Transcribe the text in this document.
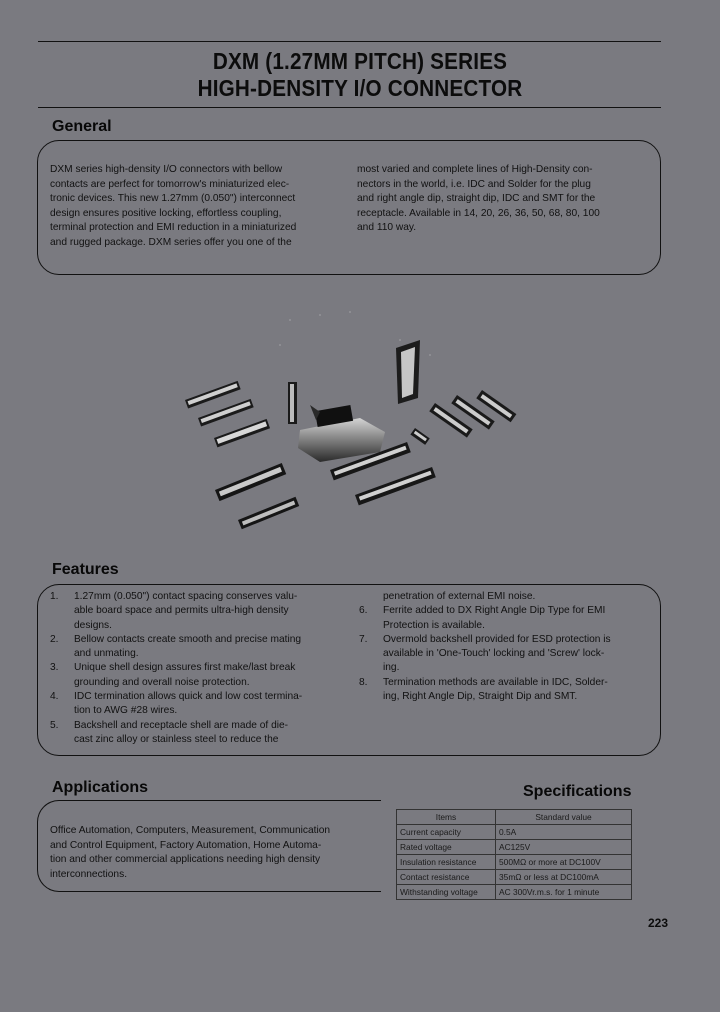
DXM (1.27MM PITCH) SERIES
HIGH-DENSITY I/O CONNECTOR
General
DXM series high-density I/O connectors with bellow
contacts are perfect for tomorrow's miniaturized elec-
tronic devices. This new 1.27mm (0.050") interconnect
design ensures positive locking, effortless coupling,
terminal protection and EMI reduction in a miniaturized
and rugged package. DXM series offer you one of the
most varied and complete lines of High-Density con-
nectors in the world, i.e. IDC and Solder for the plug
and right angle dip, straight dip, IDC and SMT for the
receptacle. Available in 14, 20, 26, 36, 50, 68, 80, 100
and 110 way.
Features
1.	1.27mm (0.050") contact spacing conserves valu-
able board space and permits ultra-high density
designs.
2.	Bellow contacts create smooth and precise mating
and unmating.
3.	Unique shell design assures first make/last break
grounding and overall noise protection.
4.	IDC termination allows quick and low cost termina-
tion to AWG #28 wires.
5.	Backshell and receptacle shell are made of die-
cast zinc alloy or stainless steel to reduce the
penetration of external EMI noise.
6.	Ferrite added to DX Right Angle Dip Type for EMI
Protection is available.
7.	Overmold backshell provided for ESD protection is
available in 'One-Touch' locking and 'Screw' lock-
ing.
8.	Termination methods are available in IDC, Solder-
ing, Right Angle Dip, Straight Dip and SMT.
Applications
Office Automation, Computers, Measurement, Communication
and Control Equipment, Factory Automation, Home Automa-
tion and other commercial applications needing high density
interconnections.
Specifications
Items	Standard value
Current capacity	0.5A
Rated voltage	AC125V
Insulation resistance	500MΩ or more at DC100V
Contact resistance	35mΩ or less at DC100mA
Withstanding voltage	AC 300Vr.m.s. for 1 minute
223
